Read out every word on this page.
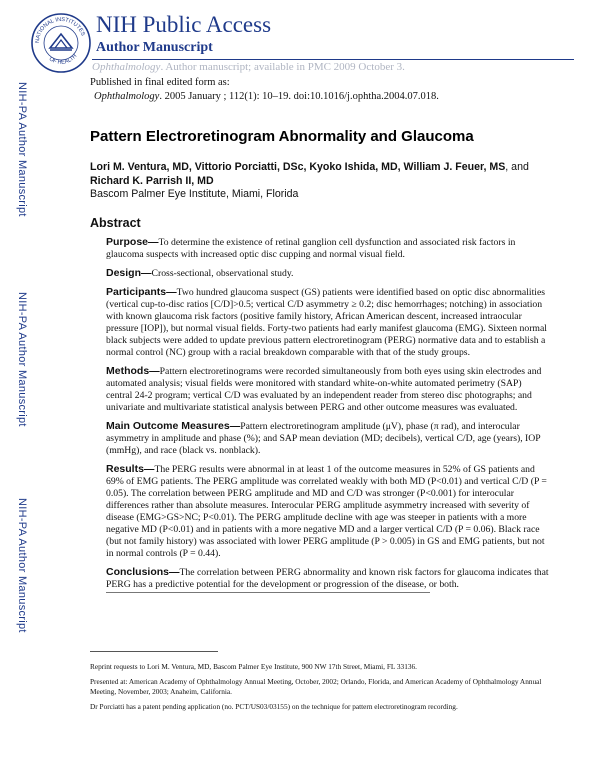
NIH-PA Author Manuscript
NIH-PA Author Manuscript
NIH-PA Author Manuscript
NATIONAL INSTITUTES
OF HEALTH
NIH Public Access
Author Manuscript
Ophthalmology. Author manuscript; available in PMC 2009 October 3.
Published in final edited form as:
Ophthalmology. 2005 January ; 112(1): 10–19. doi:10.1016/j.ophtha.2004.07.018.
Pattern Electroretinogram Abnormality and Glaucoma
Lori M. Ventura, MD, Vittorio Porciatti, DSc, Kyoko Ishida, MD, William J. Feuer, MS, and Richard K. Parrish II, MD
Bascom Palmer Eye Institute, Miami, Florida
Abstract

Purpose—To determine the existence of retinal ganglion cell dysfunction and associated risk factors in glaucoma suspects with increased optic disc cupping and normal visual field.

Design—Cross-sectional, observational study.

Participants—Two hundred glaucoma suspect (GS) patients were identified based on optic disc abnormalities (vertical cup-to-disc ratios [C/D]>0.5; vertical C/D asymmetry ≥ 0.2; disc hemorrhages; notching) in association with known glaucoma risk factors (positive family history, African American descent, increased intraocular pressure [IOP]), but normal visual fields. Forty-two patients had early manifest glaucoma (EMG). Sixteen normal black subjects were added to update previous pattern electroretinogram (PERG) normative data and to establish a normal control (NC) group with a racial breakdown comparable with that of the study groups.

Methods—Pattern electroretinograms were recorded simultaneously from both eyes using skin electrodes and automated analysis; visual fields were monitored with standard white-on-white automated perimetry (SAP) central 24-2 program; vertical C/D was evaluated by an independent reader from stereo disc photographs; and univariate and multivariate statistical analysis between PERG and other outcome measures was evaluated.

Main Outcome Measures—Pattern electroretinogram amplitude (μV), phase (π rad), and interocular asymmetry in amplitude and phase (%); and SAP mean deviation (MD; decibels), vertical C/D, age (years), IOP (mmHg), and race (black vs. nonblack).

Results—The PERG results were abnormal in at least 1 of the outcome measures in 52% of GS patients and 69% of EMG patients. The PERG amplitude was correlated weakly with both MD (P<0.01) and vertical C/D (P = 0.05). The correlation between PERG amplitude and MD and C/D was stronger (P<0.001) for interocular differences rather than absolute measures. Interocular PERG amplitude asymmetry increased with severity of disease (EMG>GS>NC; P<0.01). The PERG amplitude decline with age was steeper in patients with a more negative MD (P<0.01) and in patients with a more negative MD and a larger vertical C/D (P = 0.06). Black race (but not family history) was associated with lower PERG amplitude (P > 0.005) in GS and EMG patients, but not in normal controls (P = 0.44).

Conclusions—The correlation between PERG abnormality and known risk factors for glaucoma indicates that PERG has a predictive potential for the development or progression of the disease, or both.

Reprint requests to Lori M. Ventura, MD, Bascom Palmer Eye Institute, 900 NW 17th Street, Miami, FL 33136.

Presented at: American Academy of Ophthalmology Annual Meeting, October, 2002; Orlando, Florida, and American Academy of Ophthalmology Annual Meeting, November, 2003; Anaheim, California.

Dr Porciatti has a patent pending application (no. PCT/US03/03155) on the technique for pattern electroretinogram recording.
